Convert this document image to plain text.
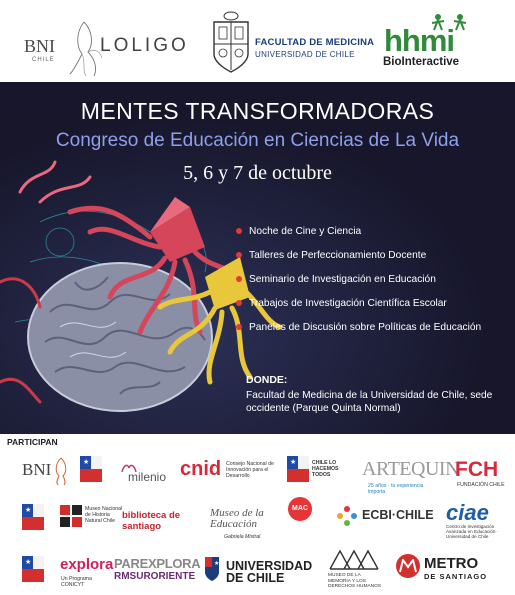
BNI
CHILE
LOLIGO	FACULTAD DE MEDICINA
UNIVERSIDAD DE CHILE hhmi
BioInteractive
MENTES TRANSFORMADORAS
Congreso de Educación en Ciencias de La Vida
5, 6 y 7 de octubre
Noche de Cine y Ciencia
Talleres de Perfeccionamiento Docente
Seminario de Investigación en Educación
Trabajos de Investigación Científica Escolar
Paneles de Discusión sobre Políticas de Educación
DONDE:
Facultad de Medicina de la Universidad de Chile, sede occidente (Parque Quinta Normal)
PARTICIPAN
BNI	★
milenio cnid Consejo Nacional de Innovación para el Desarrollo
★	CHILE LO HACEMOS TODOS	ARTEQUIN
25 años · tu experiencia importa
FCH
FUNDACIÓN CHILE
★	Museo Nacional de Historia Natural Chile biblioteca de santiago
Museo de la Educación
Gabriela Mistral
MAC	ECBI·CHILE ciae
Centro de Investigación Avanzada en Educación · Universidad de Chile
★ explora
Un Programa CONICYT
PAREXPLORA
RMSURORIENTE
★ UNIVERSIDAD DE CHILE	MUSEO DE LA MEMORIA Y LOS DERECHOS HUMANOS
METRO
DE SANTIAGO
